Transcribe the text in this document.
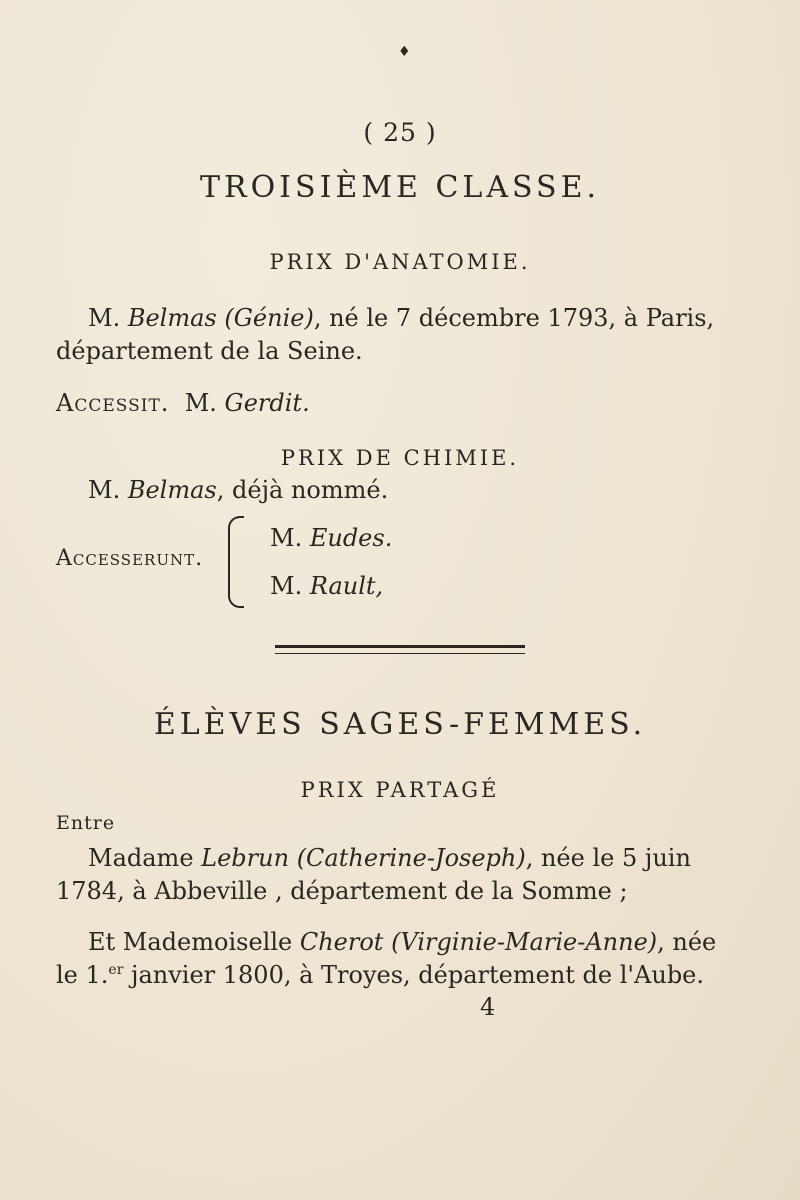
♦
( 25 )
TROISIÈME CLASSE.
PRIX D'ANATOMIE.
M. Belmas (Génie), né le 7 décembre 1793, à Paris,
département de la Seine.
Accessit. M. Gerdit.
PRIX DE CHIMIE.
M. Belmas, déjà nommé.
Accesserunt.
M. Eudes.
M. Rault,
ÉLÈVES SAGES-FEMMES.
PRIX PARTAGÉ
Entre
Madame Lebrun (Catherine-Joseph), née le 5 juin
1784, à Abbeville , département de la Somme ;
Et Mademoiselle Cherot (Virginie-Marie-Anne), née
le 1.$^{er}$ janvier 1800, à Troyes, département de l'Aube.
4
